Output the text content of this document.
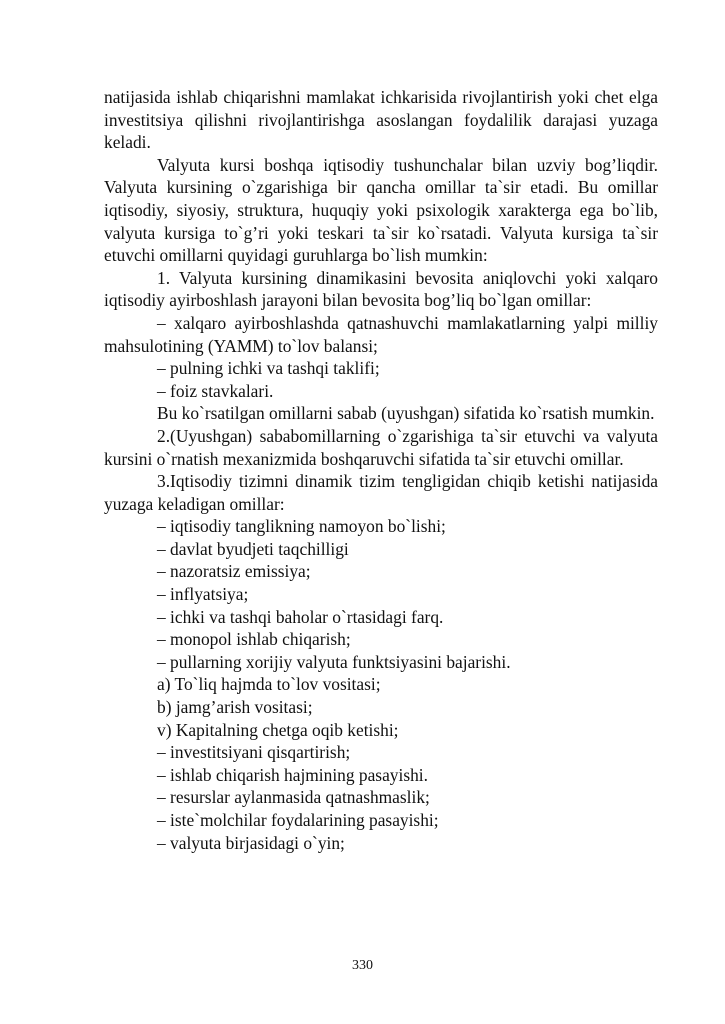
natijasida ishlab chiqarishni mamlakat ichkarisida rivojlantirish yoki chet elga investitsiya qilishni rivojlantirishga asoslangan foydalilik darajasi yuzaga keladi.

Valyuta kursi boshqa iqtisodiy tushunchalar bilan uzviy bog’liqdir. Valyuta kursining o`zgarishiga bir qancha omillar ta`sir etadi. Bu omillar iqtisodiy, siyosiy, struktura, huquqiy yoki psixologik xarakterga ega bo`lib, valyuta kursiga to`g’ri yoki teskari ta`sir ko`rsatadi. Valyuta kursiga ta`sir etuvchi omillarni quyidagi guruhlarga bo`lish mumkin:

1. Valyuta kursining dinamikasini bevosita aniqlovchi yoki xalqaro iqtisodiy ayirboshlash jarayoni bilan bevosita bog’liq bo`lgan omillar:

– xalqaro ayirboshlashda qatnashuvchi mamlakatlarning yalpi milliy mahsulotining (YAMM) to`lov balansi;

– pulning ichki va tashqi taklifi;

– foiz stavkalari.

Bu ko`rsatilgan omillarni sabab (uyushgan) sifatida ko`rsatish mumkin.

2.(Uyushgan) sababomillarning o`zgarishiga ta`sir etuvchi va valyuta kursini o`rnatish mexanizmida boshqaruvchi sifatida ta`sir etuvchi omillar.

3.Iqtisodiy tizimni dinamik tizim tengligidan chiqib ketishi natijasida yuzaga keladigan omillar:

– iqtisodiy tanglikning namoyon bo`lishi;

– davlat byudjeti taqchilligi

– nazoratsiz emissiya;

– inflyatsiya;

– ichki va tashqi baholar o`rtasidagi farq.

– monopol ishlab chiqarish;

– pullarning xorijiy valyuta funktsiyasini bajarishi.

a) To`liq hajmda to`lov vositasi;

b) jamg’arish vositasi;

v) Kapitalning chetga oqib ketishi;

– investitsiyani qisqartirish;

– ishlab chiqarish hajmining pasayishi.

– resurslar aylanmasida qatnashmaslik;

– iste`molchilar foydalarining pasayishi;

– valyuta birjasidagi o`yin;

330
